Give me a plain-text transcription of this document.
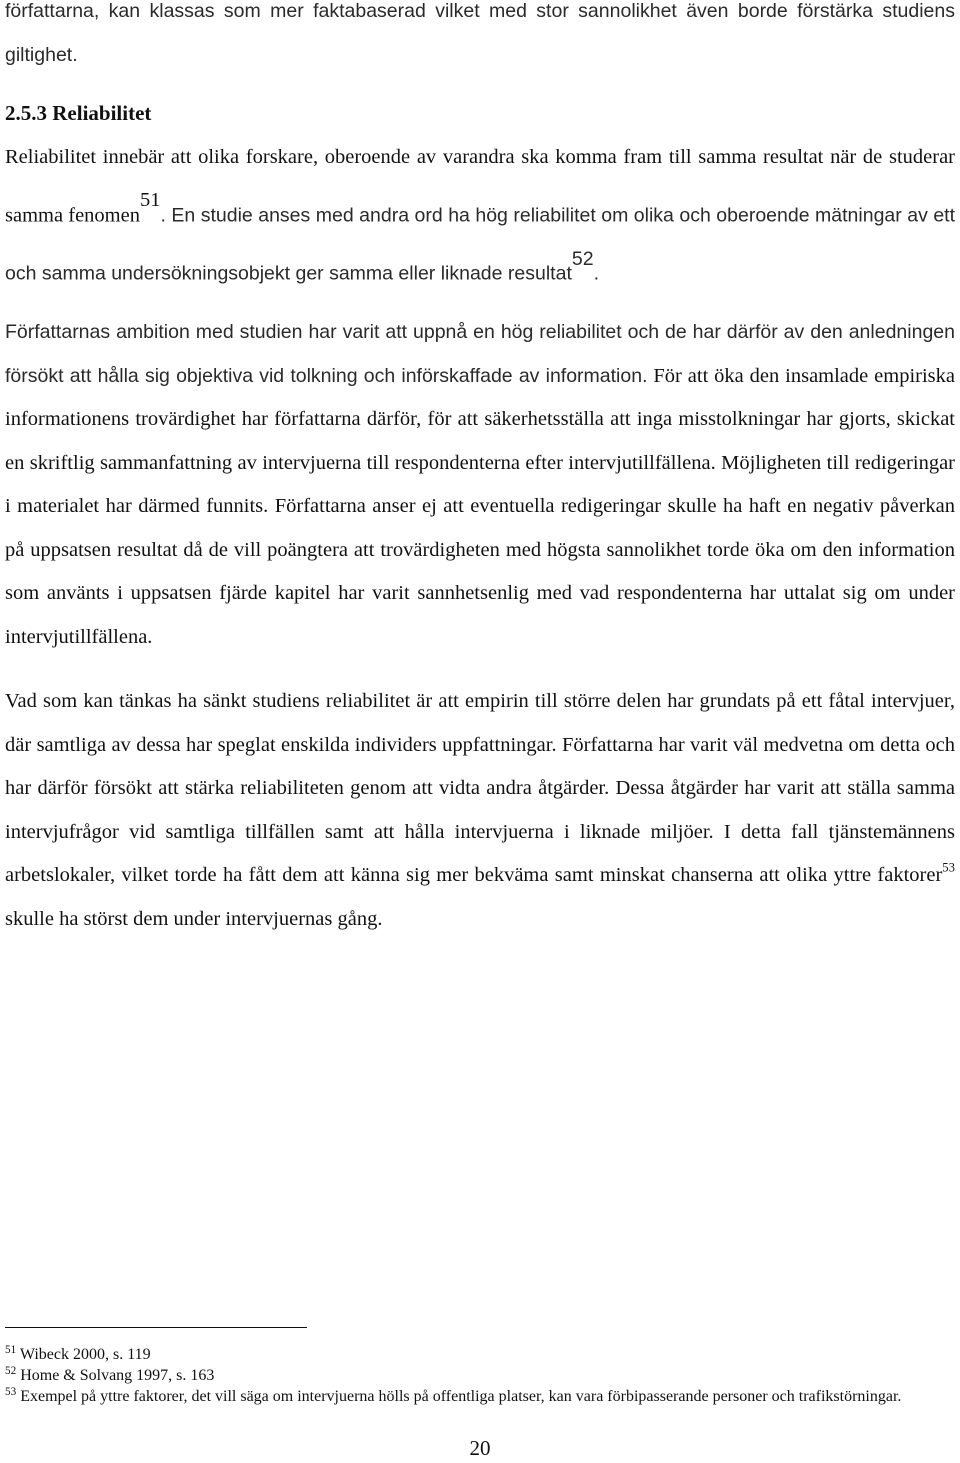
författarna, kan klassas som mer faktabaserad vilket med stor sannolikhet även borde förstärka studiens giltighet.

2.5.3 Reliabilitet

Reliabilitet innebär att olika forskare, oberoende av varandra ska komma fram till samma resultat när de studerar samma fenomen$^{51}$. En studie anses med andra ord ha hög reliabilitet om olika och oberoende mätningar av ett och samma undersökningsobjekt ger samma eller liknade resultat$^{52}$.

Författarnas ambition med studien har varit att uppnå en hög reliabilitet och de har därför av den anledningen försökt att hålla sig objektiva vid tolkning och införskaffade av information. För att öka den insamlade empiriska informationens trovärdighet har författarna därför, för att säkerhetsställa att inga misstolkningar har gjorts, skickat en skriftlig sammanfattning av intervjuerna till respondenterna efter intervjutillfällena. Möjligheten till redigeringar i materialet har därmed funnits. Författarna anser ej att eventuella redigeringar skulle ha haft en negativ påverkan på uppsatsen resultat då de vill poängtera att trovärdigheten med högsta sannolikhet torde öka om den information som använts i uppsatsen fjärde kapitel har varit sannhetsenlig med vad respondenterna har uttalat sig om under intervjutillfällena.

Vad som kan tänkas ha sänkt studiens reliabilitet är att empirin till större delen har grundats på ett fåtal intervjuer, där samtliga av dessa har speglat enskilda individers uppfattningar. Författarna har varit väl medvetna om detta och har därför försökt att stärka reliabiliteten genom att vidta andra åtgärder. Dessa åtgärder har varit att ställa samma intervjufrågor vid samtliga tillfällen samt att hålla intervjuerna i liknade miljöer. I detta fall tjänstemännens arbetslokaler, vilket torde ha fått dem att känna sig mer bekväma samt minskat chanserna att olika yttre faktorer$^{53}$ skulle ha störst dem under intervjuernas gång.

$^{51}$ Wibeck 2000, s. 119

$^{52}$ Home & Solvang 1997, s. 163

$^{53}$ Exempel på yttre faktorer, det vill säga om intervjuerna hölls på offentliga platser, kan vara förbipasserande personer och trafikstörningar.

20
